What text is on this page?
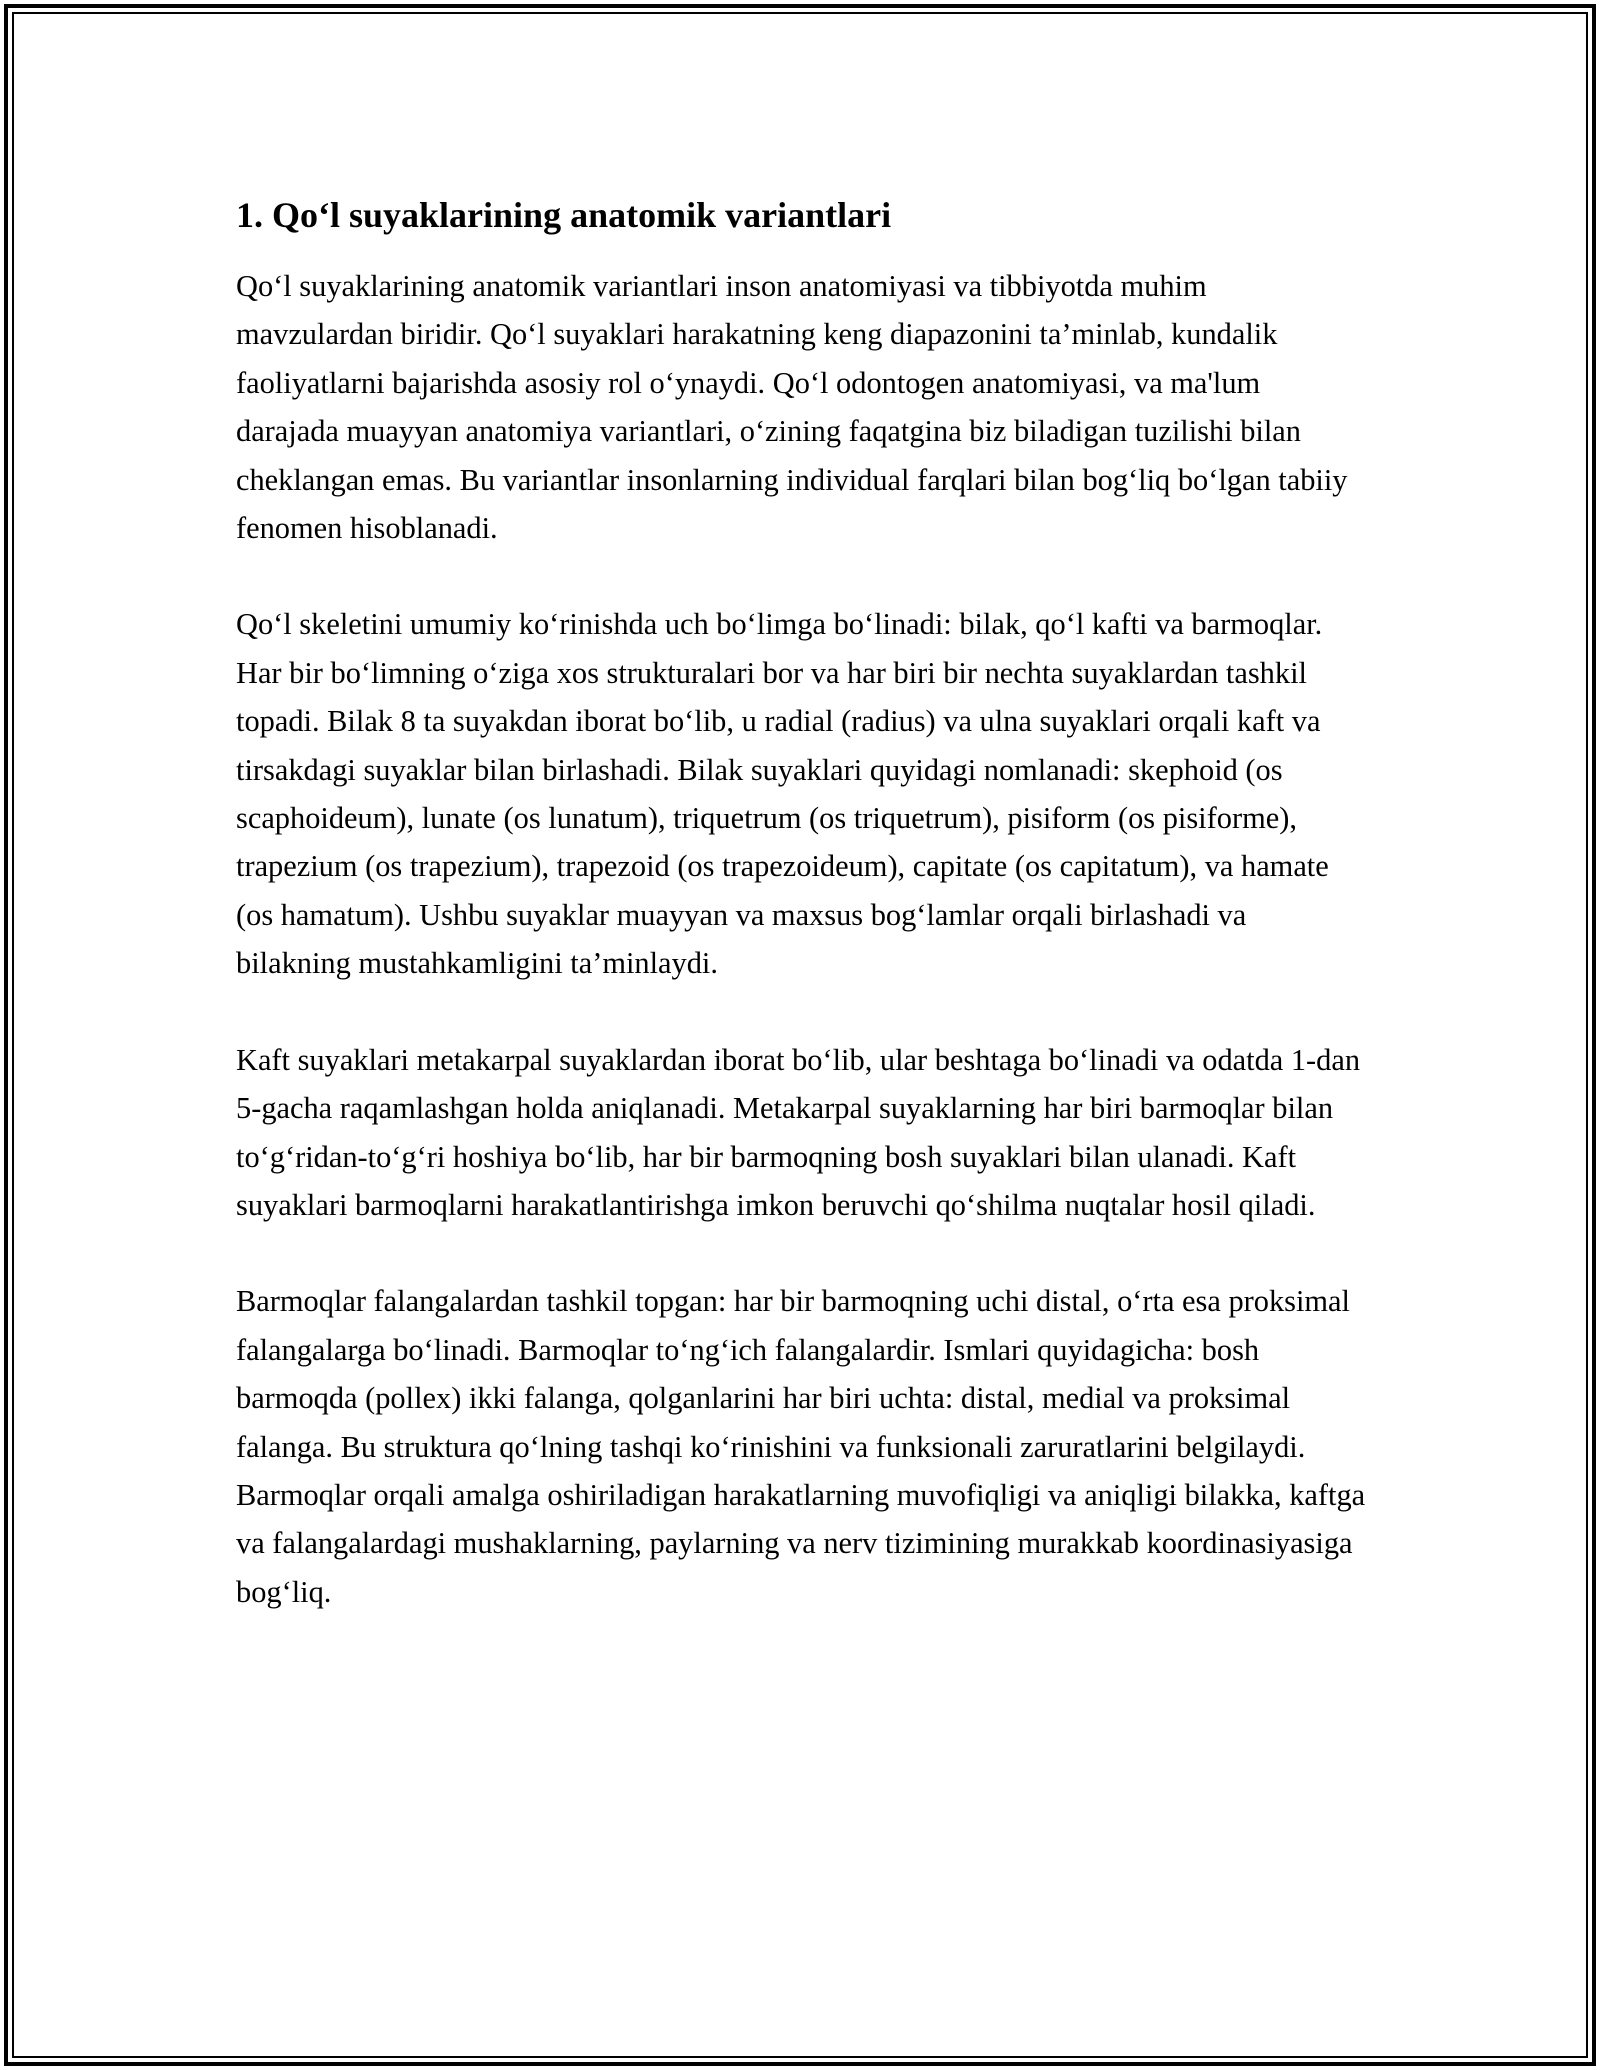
1. Qo‘l suyaklarining anatomik variantlari

Qo‘l suyaklarining anatomik variantlari inson anatomiyasi va tibbiyotda muhim mavzulardan biridir. Qo‘l suyaklari harakatning keng diapazonini ta’minlab, kundalik faoliyatlarni bajarishda asosiy rol o‘ynaydi. Qo‘l odontogen anatomiyasi, va ma'lum darajada muayyan anatomiya variantlari, o‘zining faqatgina biz biladigan tuzilishi bilan cheklangan emas. Bu variantlar insonlarning individual farqlari bilan bog‘liq bo‘lgan tabiiy fenomen hisoblanadi.

Qo‘l skeletini umumiy ko‘rinishda uch bo‘limga bo‘linadi: bilak, qo‘l kafti va barmoqlar. Har bir bo‘limning o‘ziga xos strukturalari bor va har biri bir nechta suyaklardan tashkil topadi. Bilak 8 ta suyakdan iborat bo‘lib, u radial (radius) va ulna suyaklari orqali kaft va tirsakdagi suyaklar bilan birlashadi. Bilak suyaklari quyidagi nomlanadi: skephoid (os scaphoideum), lunate (os lunatum), triquetrum (os triquetrum), pisiform (os pisiforme), trapezium (os trapezium), trapezoid (os trapezoideum), capitate (os capitatum), va hamate (os hamatum). Ushbu suyaklar muayyan va maxsus bog‘lamlar orqali birlashadi va bilakning mustahkamligini ta’minlaydi.

Kaft suyaklari metakarpal suyaklardan iborat bo‘lib, ular beshtaga bo‘linadi va odatda 1-dan 5-gacha raqamlashgan holda aniqlanadi. Metakarpal suyaklarning har biri barmoqlar bilan to‘g‘ridan-to‘g‘ri hoshiya bo‘lib, har bir barmoqning bosh suyaklari bilan ulanadi. Kaft suyaklari barmoqlarni harakatlantirishga imkon beruvchi qo‘shilma nuqtalar hosil qiladi.

Barmoqlar falangalardan tashkil topgan: har bir barmoqning uchi distal, o‘rta esa proksimal falangalarga bo‘linadi. Barmoqlar to‘ng‘ich falangalardir. Ismlari quyidagicha: bosh barmoqda (pollex) ikki falanga, qolganlarini har biri uchta: distal, medial va proksimal falanga. Bu struktura qo‘lning tashqi ko‘rinishini va funksionali zaruratlarini belgilaydi. Barmoqlar orqali amalga oshiriladigan harakatlarning muvofiqligi va aniqligi bilakka, kaftga va falangalardagi mushaklarning, paylarning va nerv tizimining murakkab koordinasiyasiga bog‘liq.
